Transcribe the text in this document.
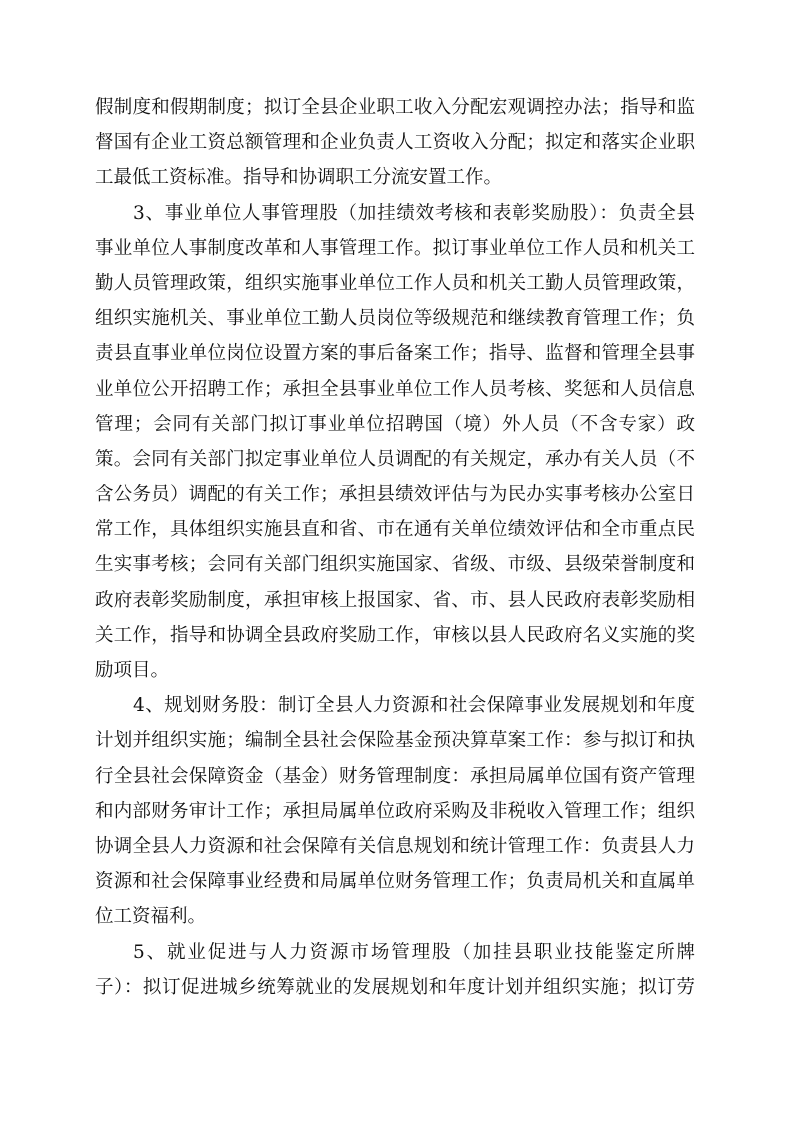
假制度和假期制度；拟订全县企业职工收入分配宏观调控办法；指导和监
督国有企业工资总额管理和企业负责人工资收入分配；拟定和落实企业职
工最低工资标准。指导和协调职工分流安置工作。
3、事业单位人事管理股（加挂绩效考核和表彰奖励股）：负责全县
事业单位人事制度改革和人事管理工作。拟订事业单位工作人员和机关工
勤人员管理政策，组织实施事业单位工作人员和机关工勤人员管理政策，
组织实施机关、事业单位工勤人员岗位等级规范和继续教育管理工作；负
责县直事业单位岗位设置方案的事后备案工作；指导、监督和管理全县事
业单位公开招聘工作；承担全县事业单位工作人员考核、奖惩和人员信息
管理；会同有关部门拟订事业单位招聘国（境）外人员（不含专家）政
策。会同有关部门拟定事业单位人员调配的有关规定，承办有关人员（不
含公务员）调配的有关工作；承担县绩效评估与为民办实事考核办公室日
常工作，具体组织实施县直和省、市在通有关单位绩效评估和全市重点民
生实事考核；会同有关部门组织实施国家、省级、市级、县级荣誉制度和
政府表彰奖励制度，承担审核上报国家、省、市、县人民政府表彰奖励相
关工作，指导和协调全县政府奖励工作，审核以县人民政府名义实施的奖
励项目。
4、规划财务股：制订全县人力资源和社会保障事业发展规划和年度
计划并组织实施；编制全县社会保险基金预决算草案工作：参与拟订和执
行全县社会保障资金（基金）财务管理制度：承担局属单位国有资产管理
和内部财务审计工作；承担局属单位政府采购及非税收入管理工作；组织
协调全县人力资源和社会保障有关信息规划和统计管理工作：负责县人力
资源和社会保障事业经费和局属单位财务管理工作；负责局机关和直属单
位工资福利。
5、就业促进与人力资源市场管理股（加挂县职业技能鉴定所牌
子）：拟订促进城乡统筹就业的发展规划和年度计划并组织实施；拟订劳
